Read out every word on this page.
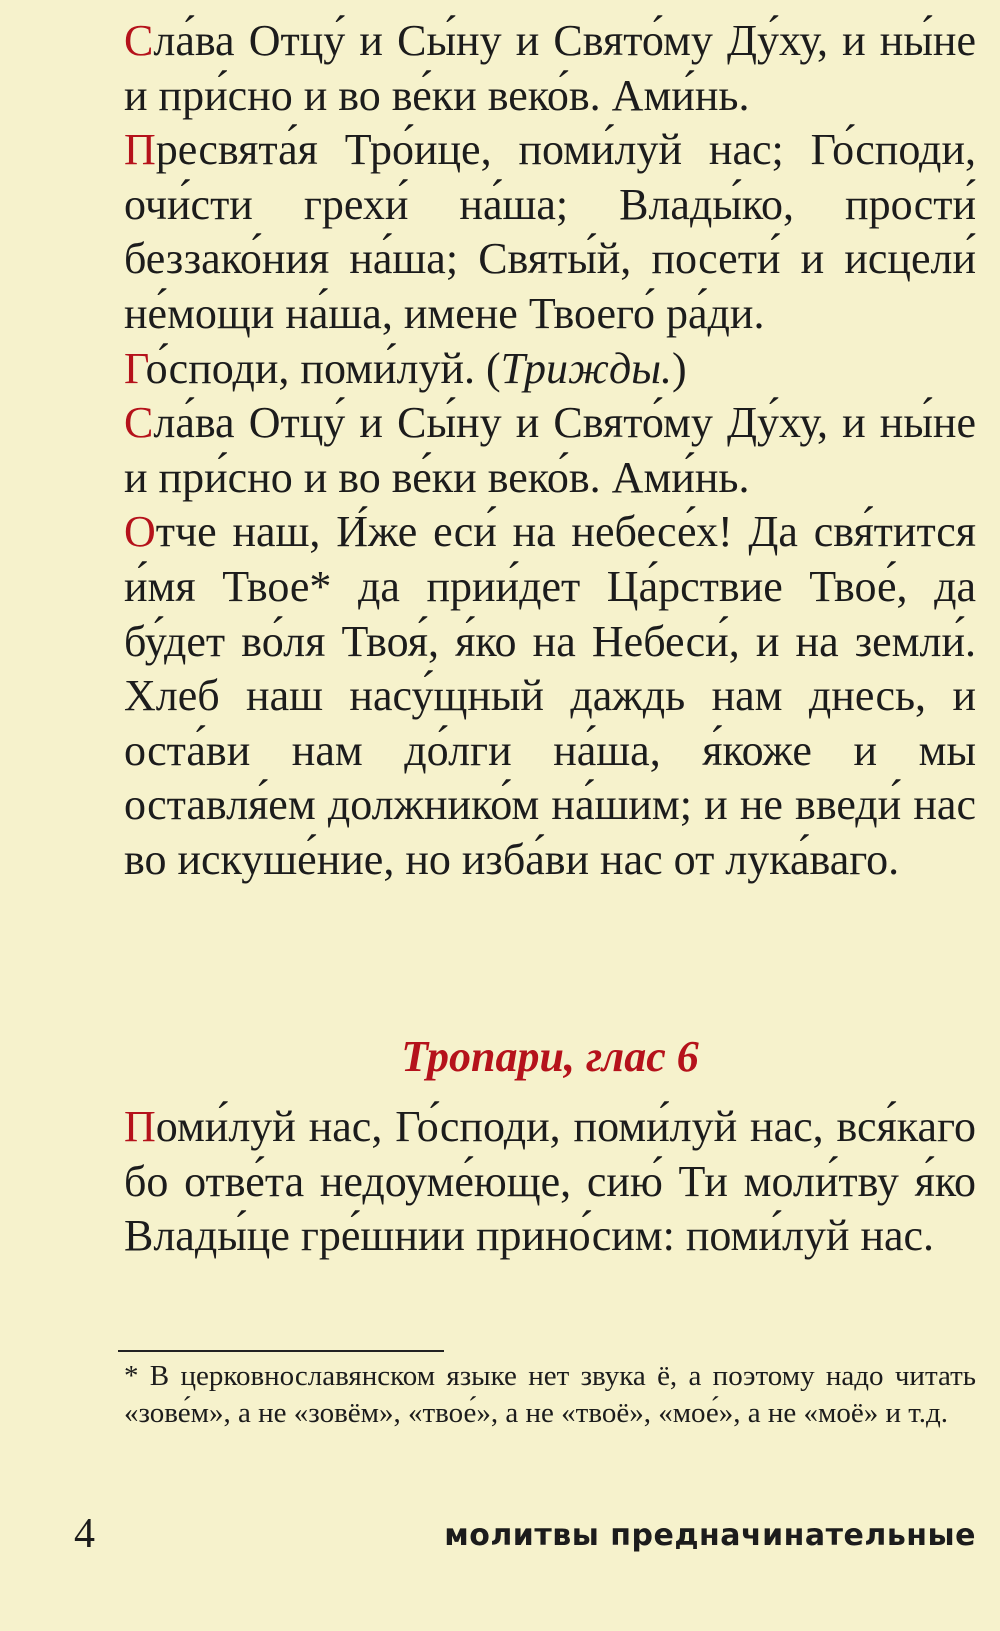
Сла́ва Отцу́ и Сы́ну и Свято́му Ду́ху, и ны́не и при́сно и во ве́ки веко́в. Ами́нь.

Пресвята́я Тро́ице, поми́луй нас; Го́споди, очи́сти грехи́ на́ша; Влады́ко, прости́ беззако́ния на́ша; Святы́й, посети́ и исцели́ не́мощи на́ша, имене Твоего́ ра́ди.

Го́споди, поми́луй. (Трижды.)

Сла́ва Отцу́ и Сы́ну и Свято́му Ду́ху, и ны́не и при́сно и во ве́ки веко́в. Ами́нь.

Отче наш, И́же еси́ на небесе́х! Да свя́тится и́мя Твое* да прии́дет Ца́рствие Твое́, да бу́дет во́ля Твоя́, я́ко на Небеси́, и на земли́. Хлеб наш насу́щный даждь нам днесь, и оста́ви нам до́лги на́ша, я́коже и мы оставля́ем должнико́м на́шим; и не введи́ нас во искуше́ние, но изба́ви нас от лука́ваго.

Тропари, глас 6

Поми́луй нас, Го́споди, поми́луй нас, вся́каго бо отве́та недоуме́юще, сию́ Ти моли́тву я́ко Влады́це гре́шнии прино́сим: поми́луй нас.

* В церковнославянском языке нет звука ё, а поэтому надо читать «зове́м», а не «зовём», «твое́», а не «твоё», «мое́», а не «моё» и т.д.
4	молитвы предначинательные
